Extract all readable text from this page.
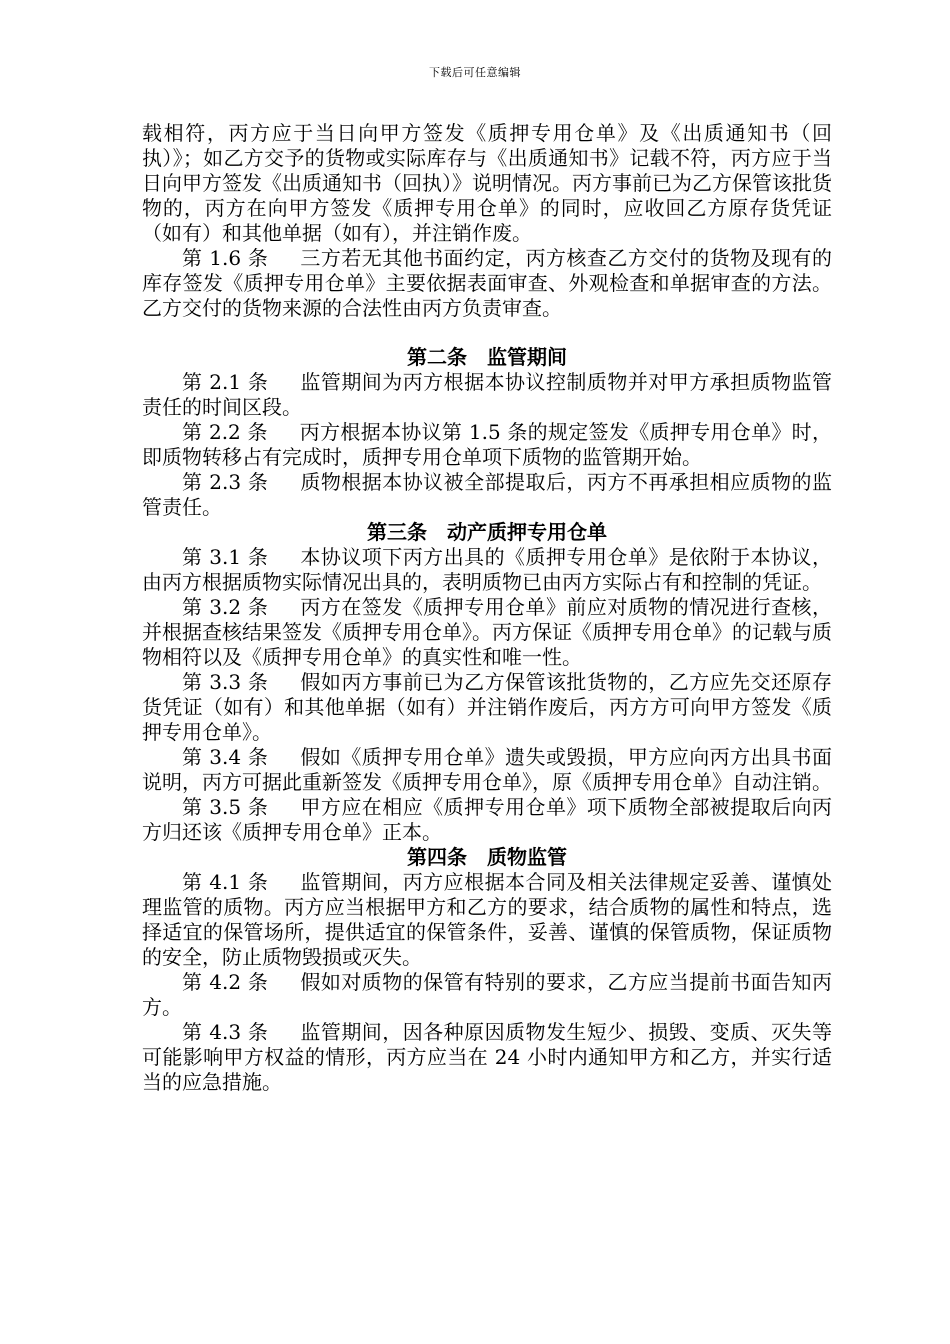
下载后可任意编辑

载相符，丙方应于当日向甲方签发《质押专用仓单》及《出质通知书（回执）》；如乙方交予的货物或实际库存与《出质通知书》记载不符，丙方应于当日向甲方签发《出质通知书（回执）》说明情况。丙方事前已为乙方保管该批货物的，丙方在向甲方签发《质押专用仓单》的同时，应收回乙方原存货凭证（如有）和其他单据（如有），并注销作废。

第 1.6 条 三方若无其他书面约定，丙方核查乙方交付的货物及现有的库存签发《质押专用仓单》主要依据表面审查、外观检查和单据审查的方法。乙方交付的货物来源的合法性由丙方负责审查。

第二条 监管期间

第 2.1 条 监管期间为丙方根据本协议控制质物并对甲方承担质物监管责任的时间区段。

第 2.2 条 丙方根据本协议第 1.5 条的规定签发《质押专用仓单》时，即质物转移占有完成时，质押专用仓单项下质物的监管期开始。

第 2.3 条 质物根据本协议被全部提取后，丙方不再承担相应质物的监管责任。

第三条 动产质押专用仓单

第 3.1 条 本协议项下丙方出具的《质押专用仓单》是依附于本协议，由丙方根据质物实际情况出具的，表明质物已由丙方实际占有和控制的凭证。

第 3.2 条 丙方在签发《质押专用仓单》前应对质物的情况进行查核，并根据查核结果签发《质押专用仓单》。丙方保证《质押专用仓单》的记载与质物相符以及《质押专用仓单》的真实性和唯一性。

第 3.3 条 假如丙方事前已为乙方保管该批货物的，乙方应先交还原存货凭证（如有）和其他单据（如有）并注销作废后，丙方方可向甲方签发《质押专用仓单》。

第 3.4 条 假如《质押专用仓单》遗失或毁损，甲方应向丙方出具书面说明，丙方可据此重新签发《质押专用仓单》，原《质押专用仓单》自动注销。

第 3.5 条 甲方应在相应《质押专用仓单》项下质物全部被提取后向丙方归还该《质押专用仓单》正本。

第四条 质物监管

第 4.1 条 监管期间，丙方应根据本合同及相关法律规定妥善、谨慎处理监管的质物。丙方应当根据甲方和乙方的要求，结合质物的属性和特点，选择适宜的保管场所，提供适宜的保管条件，妥善、谨慎的保管质物，保证质物的安全，防止质物毁损或灭失。

第 4.2 条 假如对质物的保管有特别的要求，乙方应当提前书面告知丙方。

第 4.3 条 监管期间，因各种原因质物发生短少、损毁、变质、灭失等可能影响甲方权益的情形，丙方应当在 24 小时内通知甲方和乙方，并实行适当的应急措施。
